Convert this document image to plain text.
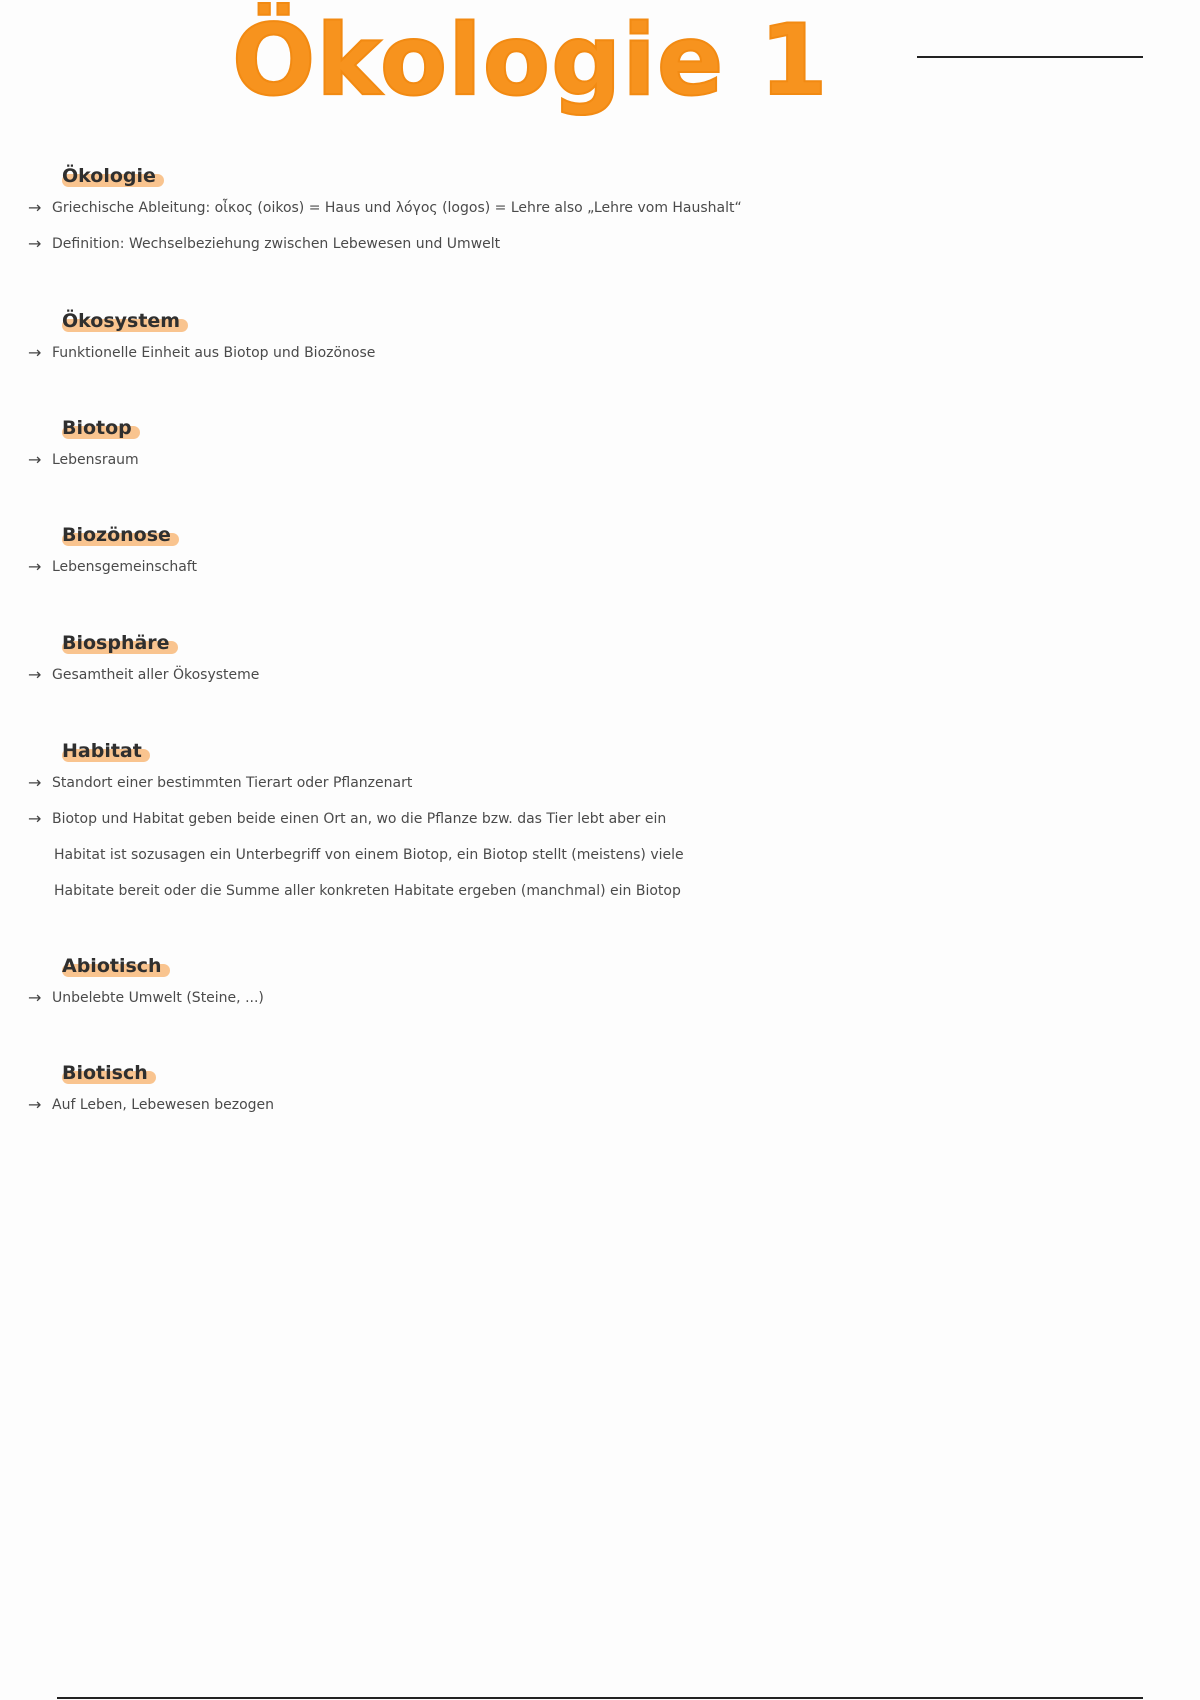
Ökologie 1
Ökologie
→ Griechische Ableitung: οἶκος (oikos) = Haus und λόγος (logos) = Lehre also „Lehre vom Haushalt“
→ Definition: Wechselbeziehung zwischen Lebewesen und Umwelt
Ökosystem
→ Funktionelle Einheit aus Biotop und Biozönose
Biotop
→ Lebensraum
Biozönose
→ Lebensgemeinschaft
Biosphäre
→ Gesamtheit aller Ökosysteme
Habitat
→ Standort einer bestimmten Tierart oder Pflanzenart
→ Biotop und Habitat geben beide einen Ort an, wo die Pflanze bzw. das Tier lebt aber ein
Habitat ist sozusagen ein Unterbegriff von einem Biotop, ein Biotop stellt (meistens) viele
Habitate bereit oder die Summe aller konkreten Habitate ergeben (manchmal) ein Biotop
Abiotisch
→ Unbelebte Umwelt (Steine, ...)
Biotisch
→ Auf Leben, Lebewesen bezogen
